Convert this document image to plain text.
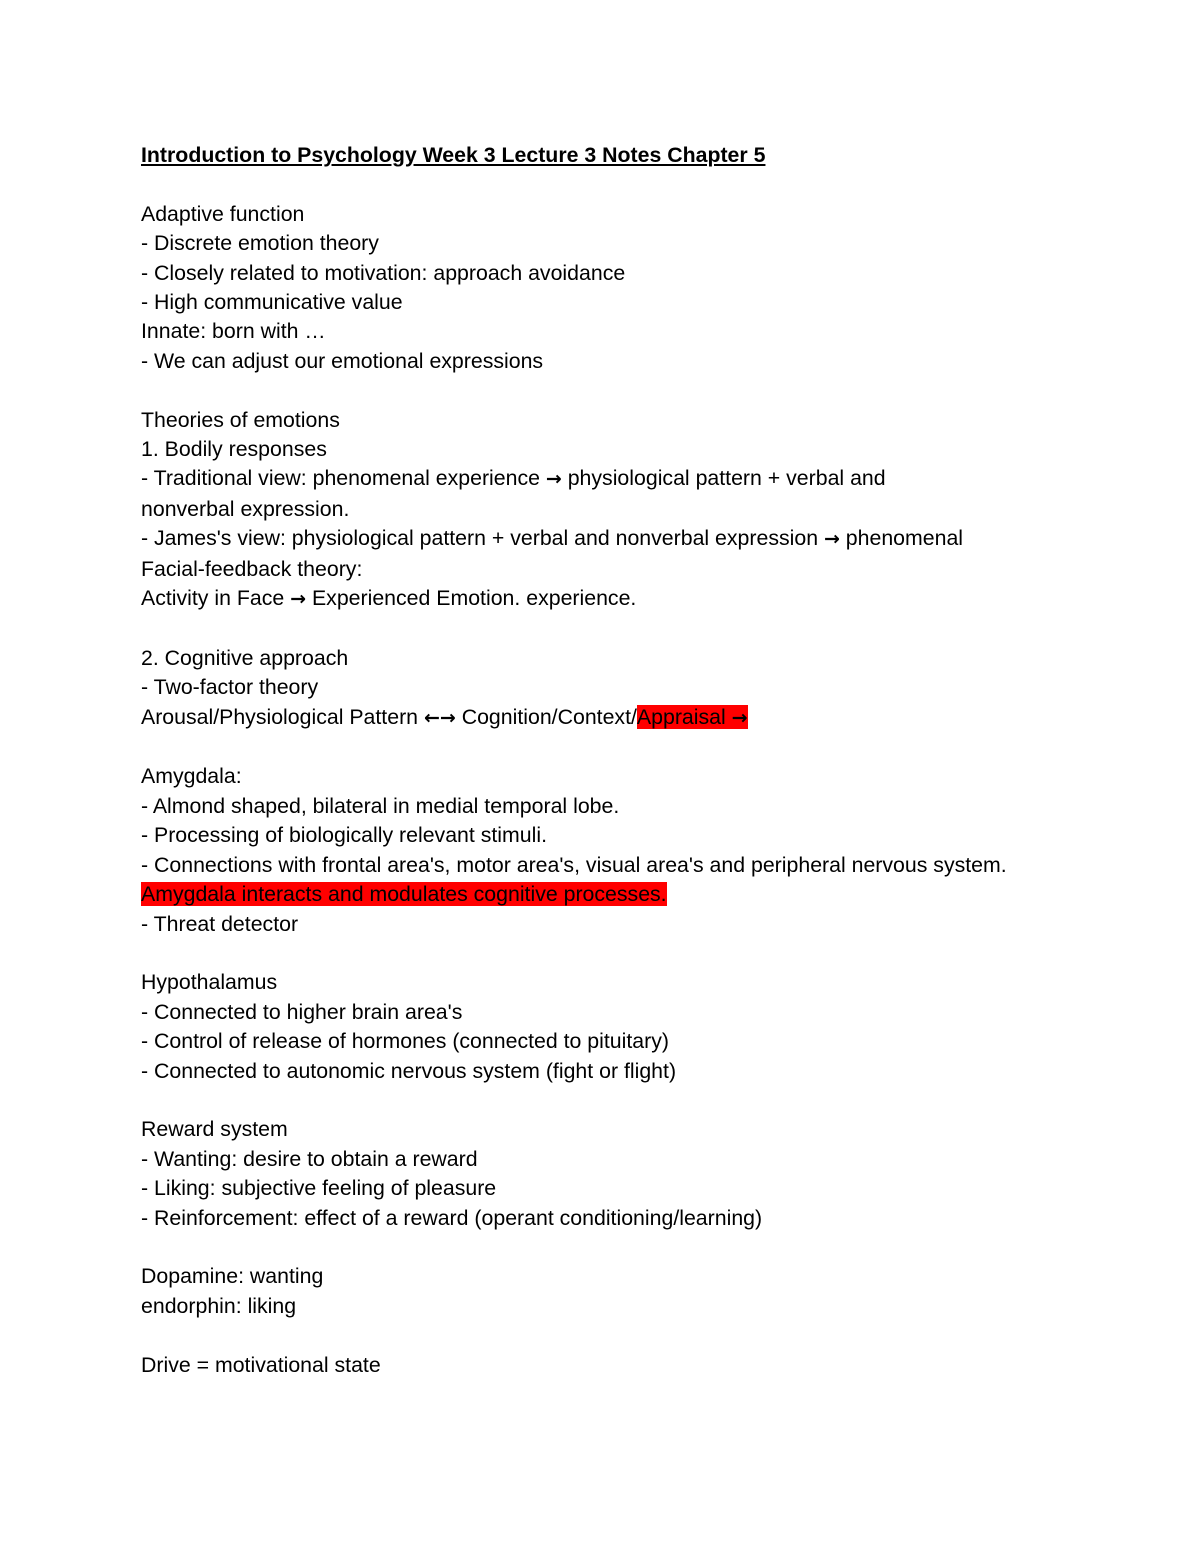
Introduction to Psychology Week 3 Lecture 3 Notes Chapter 5

Adaptive function

- Discrete emotion theory

- Closely related to motivation: approach avoidance

- High communicative value

Innate: born with …

- We can adjust our emotional expressions

Theories of emotions

1. Bodily responses

- Traditional view: phenomenal experience → physiological pattern + verbal and nonverbal expression.

- James's view: physiological pattern + verbal and nonverbal expression → phenomenal

Facial-feedback theory:

Activity in Face → Experienced Emotion. experience.

2. Cognitive approach

- Two-factor theory

Arousal/Physiological Pattern ←→ Cognition/Context/Appraisal →

Amygdala:

- Almond shaped, bilateral in medial temporal lobe.

- Processing of biologically relevant stimuli.

- Connections with frontal area's, motor area's, visual area's and peripheral nervous system.

Amygdala interacts and modulates cognitive processes.

- Threat detector

Hypothalamus

- Connected to higher brain area's

- Control of release of hormones (connected to pituitary)

- Connected to autonomic nervous system (fight or flight)

Reward system

- Wanting: desire to obtain a reward

- Liking: subjective feeling of pleasure

- Reinforcement: effect of a reward (operant conditioning/learning)

Dopamine: wanting

endorphin: liking

Drive = motivational state
